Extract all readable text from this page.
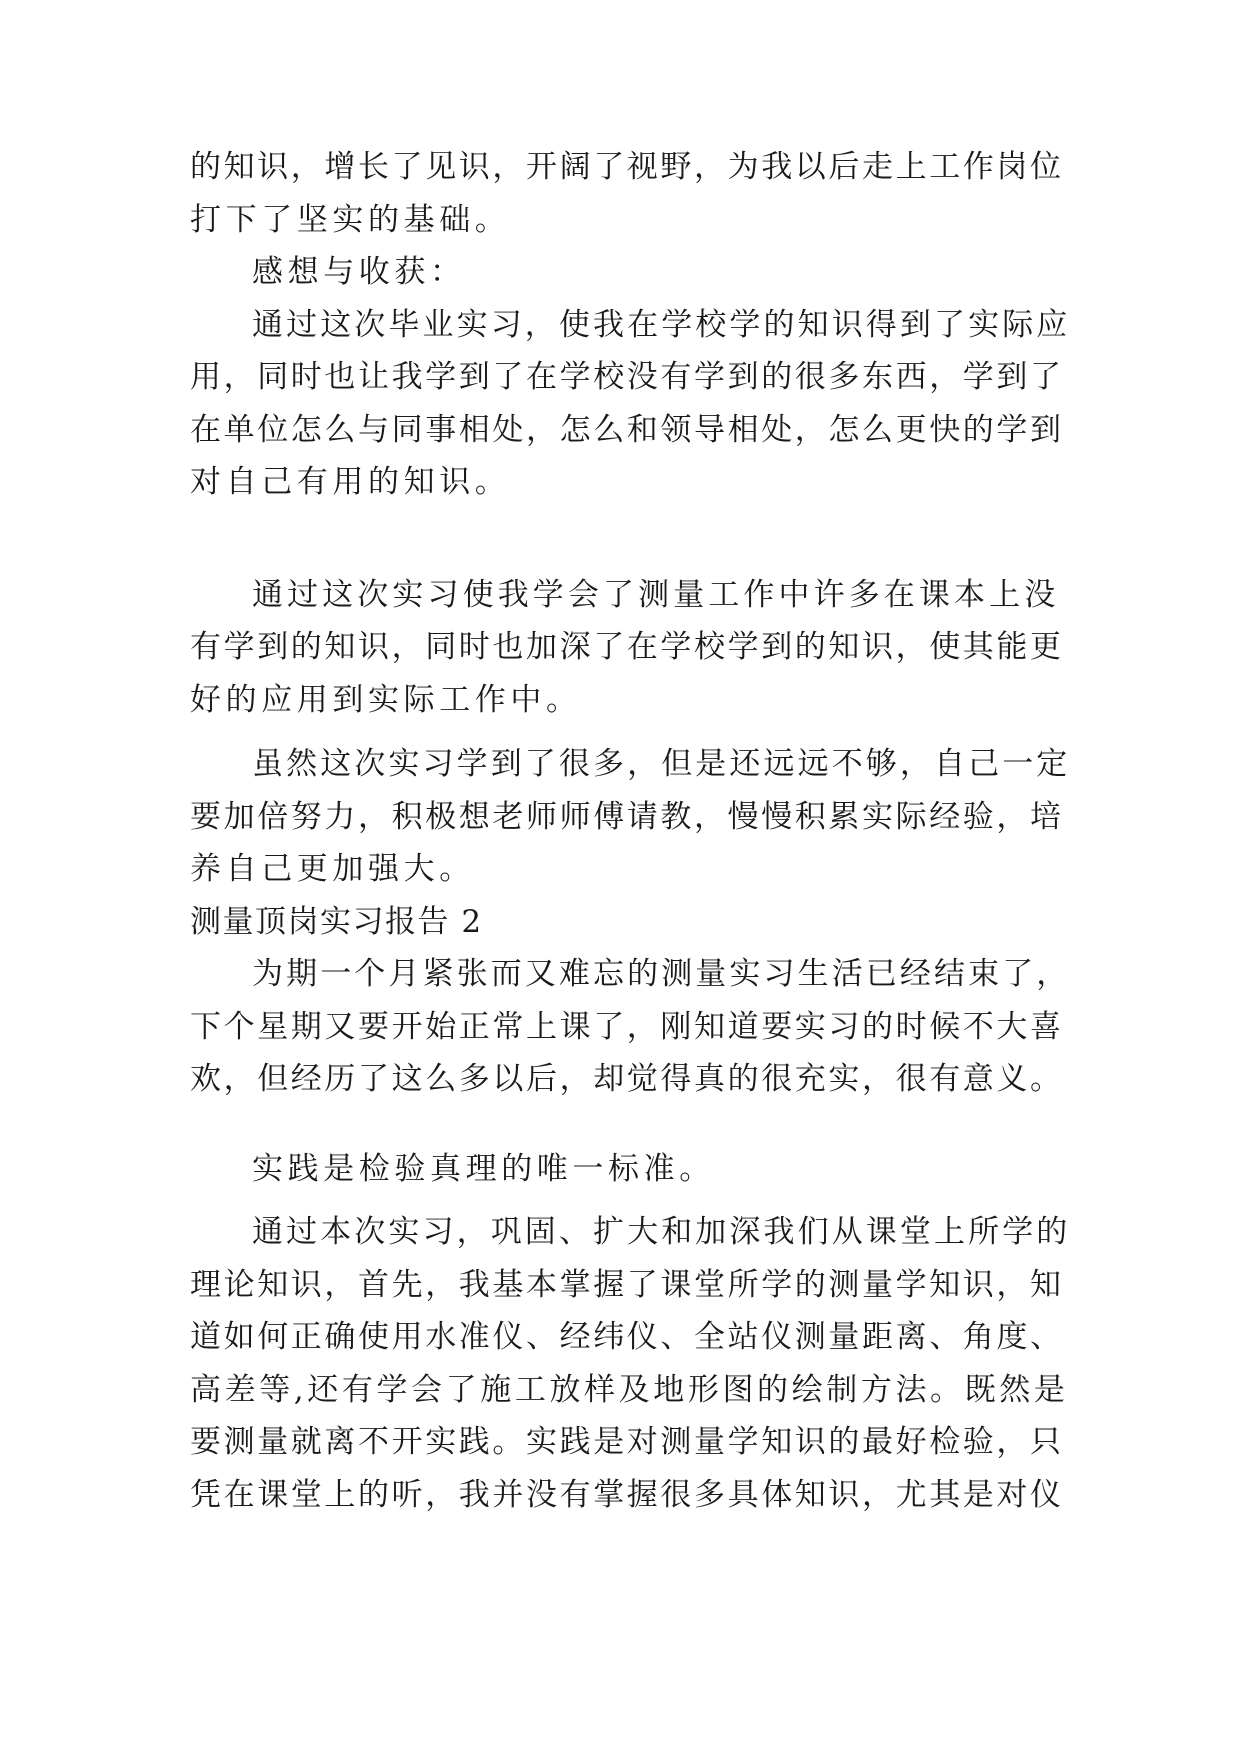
的知识，增长了见识，开阔了视野，为我以后走上工作岗位

打下了坚实的基础。

感想与收获：

通过这次毕业实习，使我在学校学的知识得到了实际应

用，同时也让我学到了在学校没有学到的很多东西，学到了

在单位怎么与同事相处，怎么和领导相处，怎么更快的学到

对自己有用的知识。

通过这次实习使我学会了测量工作中许多在课本上没

有学到的知识，同时也加深了在学校学到的知识，使其能更

好的应用到实际工作中。

虽然这次实习学到了很多，但是还远远不够，自己一定

要加倍努力，积极想老师师傅请教，慢慢积累实际经验，培

养自己更加强大。

测量顶岗实习报告 2

为期一个月紧张而又难忘的测量实习生活已经结束了，

下个星期又要开始正常上课了，刚知道要实习的时候不大喜

欢，但经历了这么多以后，却觉得真的很充实，很有意义。

实践是检验真理的唯一标准。

通过本次实习，巩固、扩大和加深我们从课堂上所学的

理论知识，首先，我基本掌握了课堂所学的测量学知识，知

道如何正确使用水准仪、经纬仪、全站仪测量距离、角度、

高差等,还有学会了施工放样及地形图的绘制方法。既然是

要测量就离不开实践。实践是对测量学知识的最好检验，只

凭在课堂上的听，我并没有掌握很多具体知识，尤其是对仪
